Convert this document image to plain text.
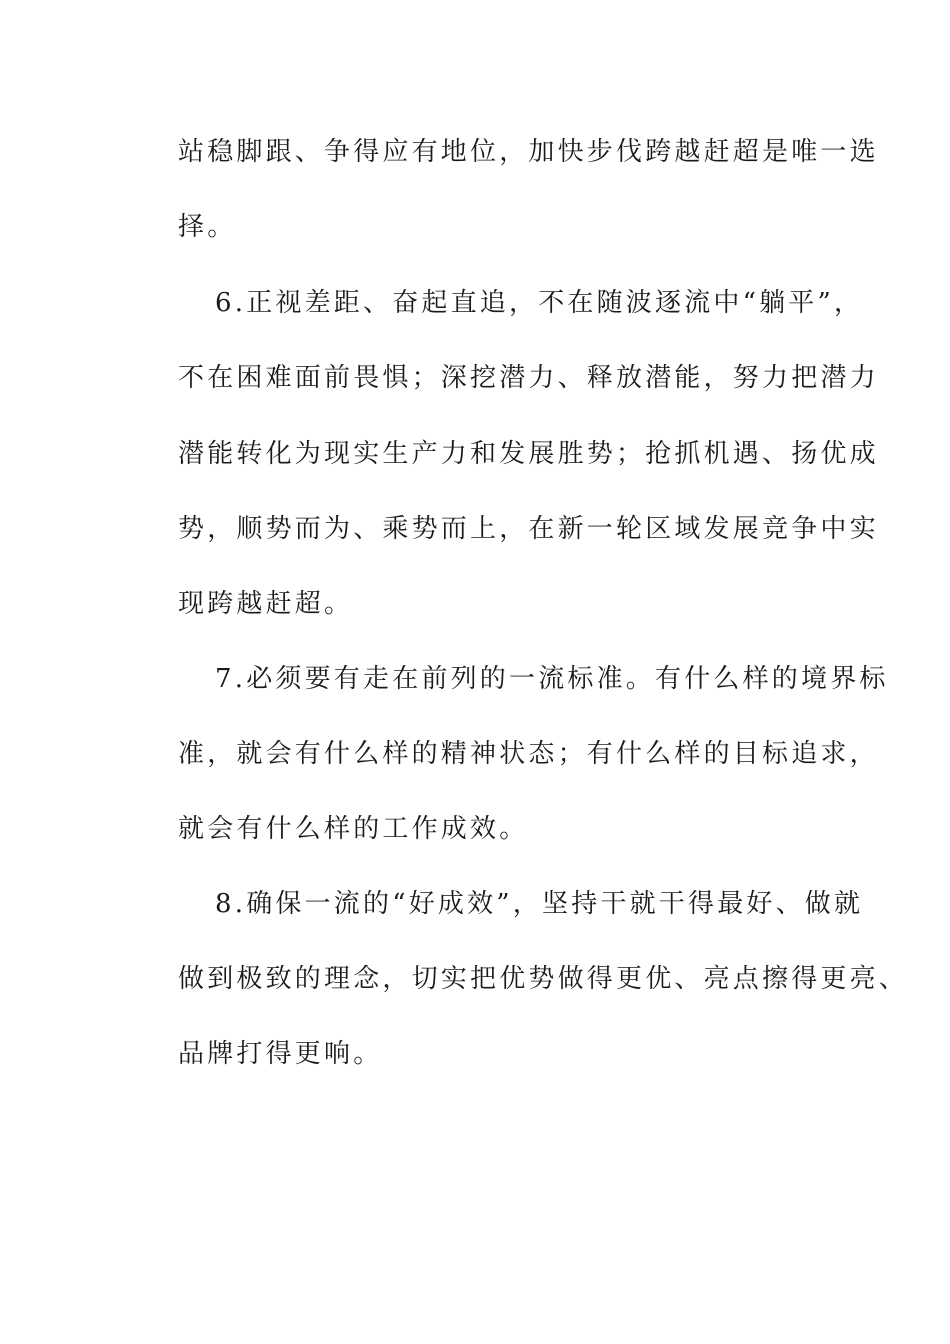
站稳脚跟、争得应有地位，加快步伐跨越赶超是唯一选
择。
6.正视差距、奋起直追，不在随波逐流中“躺平”，
不在困难面前畏惧；深挖潜力、释放潜能，努力把潜力
潜能转化为现实生产力和发展胜势；抢抓机遇、扬优成
势，顺势而为、乘势而上，在新一轮区域发展竞争中实
现跨越赶超。
7.必须要有走在前列的一流标准。有什么样的境界标
准，就会有什么样的精神状态；有什么样的目标追求，
就会有什么样的工作成效。
8.确保一流的“好成效”，坚持干就干得最好、做就
做到极致的理念，切实把优势做得更优、亮点擦得更亮、
品牌打得更响。
